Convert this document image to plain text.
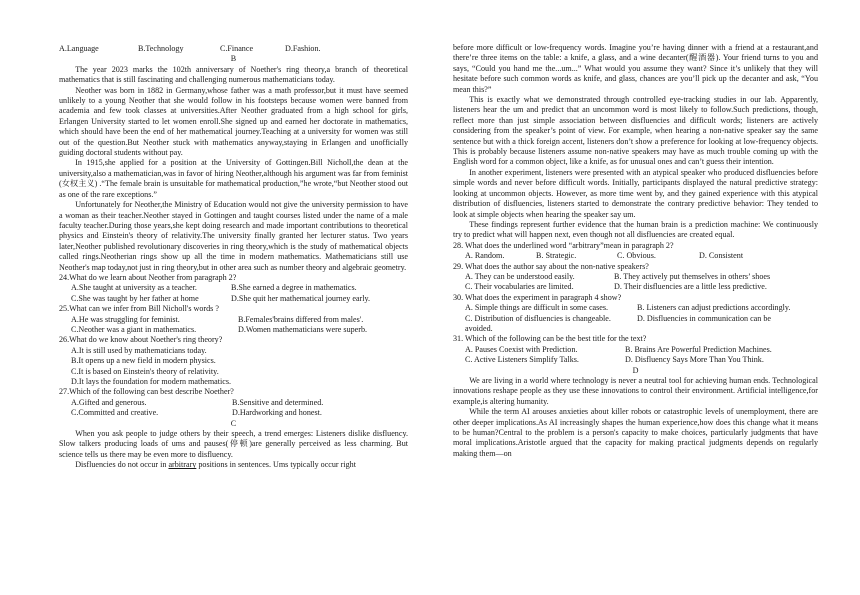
A.Language	B.Technology	C.Finance	D.Fashion.

B

The year 2023 marks the 102th anniversary of Noether's ring theory,a branch of theoretical mathematics that is still fascinating and challenging numerous mathematicians today.

Neother was born in 1882 in Germany,whose father was a math professor,but it must have seemed unlikely to a young Neother that she would follow in his footsteps because women were banned from academia and few took classes at universities.After Neother graduated from a high school for girls, Erlangen University started to let women enroll.She signed up and earned her doctorate in mathematics, which should have been the end of her mathematical journey.Teaching at a university for women was still out of the question.But Neother stuck with mathematics anyway,staying in Erlangen and unofficially guiding doctoral students without pay.

In 1915,she applied for a position at the University of Gottingen.Bill Nicholl,the dean at the university,also a mathematician,was in favor of hiring Neother,although his argument was far from feminist (女权主义) .“The female brain is unsuitable for mathematical production,”he wrote,“but Neother stood out as one of the rare exceptions.”

Unfortunately for Neother,the Ministry of Education would not give the university permission to have a woman as their teacher.Neother stayed in Gottingen and taught courses listed under the name of a male faculty teacher.During those years,she kept doing research and made important contributions to theoretical physics and Einstein's theory of relativity.The university finally granted her lecturer status. Two years later,Neother published revolutionary discoveries in ring theory,which is the study of mathematical objects called rings.Neotherian rings show up all the time in modern mathematics. Mathematicians still use Neother's map today,not just in ring theory,but in other area such as number theory and algebraic geometry.

24.What do we learn about Neother from paragraph 2?

A.She taught at university as a teacher.	B.She earned a degree in mathematics.
C.She was taught by her father at home	D.She quit her mathematical journey early.

25.What can we infer from Bill Nicholl's words ?

A.He was struggling for feminist.	B.Females'brains differed from males'.
C.Neother was a giant in mathematics.	D.Women mathematicians were superb.

26.What do we know about Noether's ring theory?

A.It is still used by mathematicians today.

B.It opens up a new field in modern physics.

C.It is based on Einstein's theory of relativity.

D.It lays the foundation for modern mathematics.

27.Which of the following can best describe Noether?

A.Gifted and generous.	B.Sensitive and determined.
C.Committed and creative.	D.Hardworking and honest.

C

When you ask people to judge others by their speech, a trend emerges: Listeners dislike disfluency. Slow talkers producing loads of ums and pauses(停顿)are generally perceived as less charming. But science tells us there may be even more to disfluency.

Disfluencies do not occur in arbitrary positions in sentences. Ums typically occur right

before more difficult or low-frequency words. Imagine you’re having dinner with a friend at a restaurant,and there’re three items on the table: a knife, a glass, and a wine decanter(醒酒器). Your friend turns to you and says, “Could you hand me the...um...” What would you assume they want? Since it’s unlikely that they will hesitate before such common words as knife, and glass, chances are you’ll pick up the decanter and ask, “You mean this?”

This is exactly what we demonstrated through controlled eye-tracking studies in our lab. Apparently, listeners hear the um and predict that an uncommon word is most likely to follow.Such predictions, though, reflect more than just simple association between disfluencies and difficult words; listeners are actively considering from the speaker’s point of view. For example, when hearing a non-native speaker say the same sentence but with a thick foreign accent, listeners don’t show a preference for looking at low-frequency objects. This is probably because listeners assume non-native speakers may have as much trouble coming up with the English word for a common object, like a knife, as for unusual ones and can’t guess their intention.

In another experiment, listeners were presented with an atypical speaker who produced disfluencies before simple words and never before difficult words. Initially, participants displayed the natural predictive strategy: looking at uncommon objects. However, as more time went by, and they gained experience with this atypical distribution of disfluencies, listeners started to demonstrate the contrary predictive behavior: They tended to look at simple objects when hearing the speaker say um.

These findings represent further evidence that the human brain is a prediction machine: We continuously try to predict what will happen next, even though not all disfluencies are created equal.

28. What does the underlined word “arbitrary”mean in paragraph 2?

A. Random.	B. Strategic.	C. Obvious.	D. Consistent

29. What does the author say about the non-native speakers?

A. They can be understood easily.	B. They actively put themselves in others’ shoes
C. Their vocabularies are limited.	D. Their disfluencies are a little less predictive.

30. What does the experiment in paragraph 4 show?

A. Simple things are difficult in some cases.	B. Listeners can adjust predictions accordingly.
C. Distribution of disfluencies is changeable.	D. Disfluencies in communication can be

avoided.

31. Which of the following can be the best title for the text?

A. Pauses Coexist with Prediction.	B. Brains Are Powerful Prediction Machines.
C. Active Listeners Simplify Talks.	D. Disfluency Says More Than You Think.

D

We are living in a world where technology is never a neutral tool for achieving human ends. Technological innovations reshape people as they use these innovations to control their environment. Artificial intelligence,for example,is altering humanity.

While the term AI arouses anxieties about killer robots or catastrophic levels of unemployment, there are other deeper implications.As AI increasingly shapes the human experience,how does this change what it means to be human?Central to the problem is a person's capacity to make choices, particularly judgments that have moral implications.Aristotle argued that the capacity for making practical judgments depends on regularly making them—on
